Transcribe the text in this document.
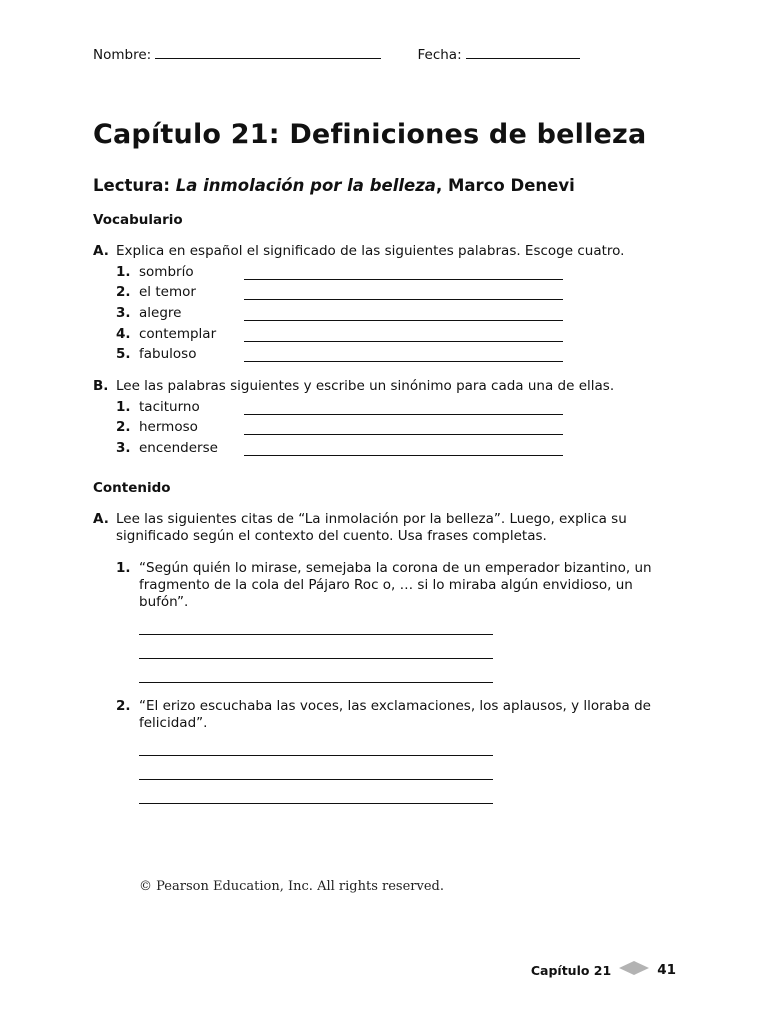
Nombre:	Fecha:
Capítulo 21: Definiciones de belleza
Lectura: La inmolación por la belleza, Marco Denevi
Vocabulario
A. Explica en español el significado de las siguientes palabras. Escoge cuatro.
1. sombrío
2. el temor
3. alegre
4. contemplar
5. fabuloso
B. Lee las palabras siguientes y escribe un sinónimo para cada una de ellas.
1. taciturno
2. hermoso
3. encenderse
Contenido
A. Lee las siguientes citas de “La inmolación por la belleza”. Luego, explica su significado según el contexto del cuento. Usa frases completas.
1. “Según quién lo mirase, semejaba la corona de un emperador bizantino, un
fragmento de la cola del Pájaro Roc o, … si lo miraba algún envidioso, un bufón”.
2. “El erizo escuchaba las voces, las exclamaciones, los aplausos, y lloraba de
felicidad”.
© Pearson Education, Inc. All rights reserved.
Capítulo 21	41
